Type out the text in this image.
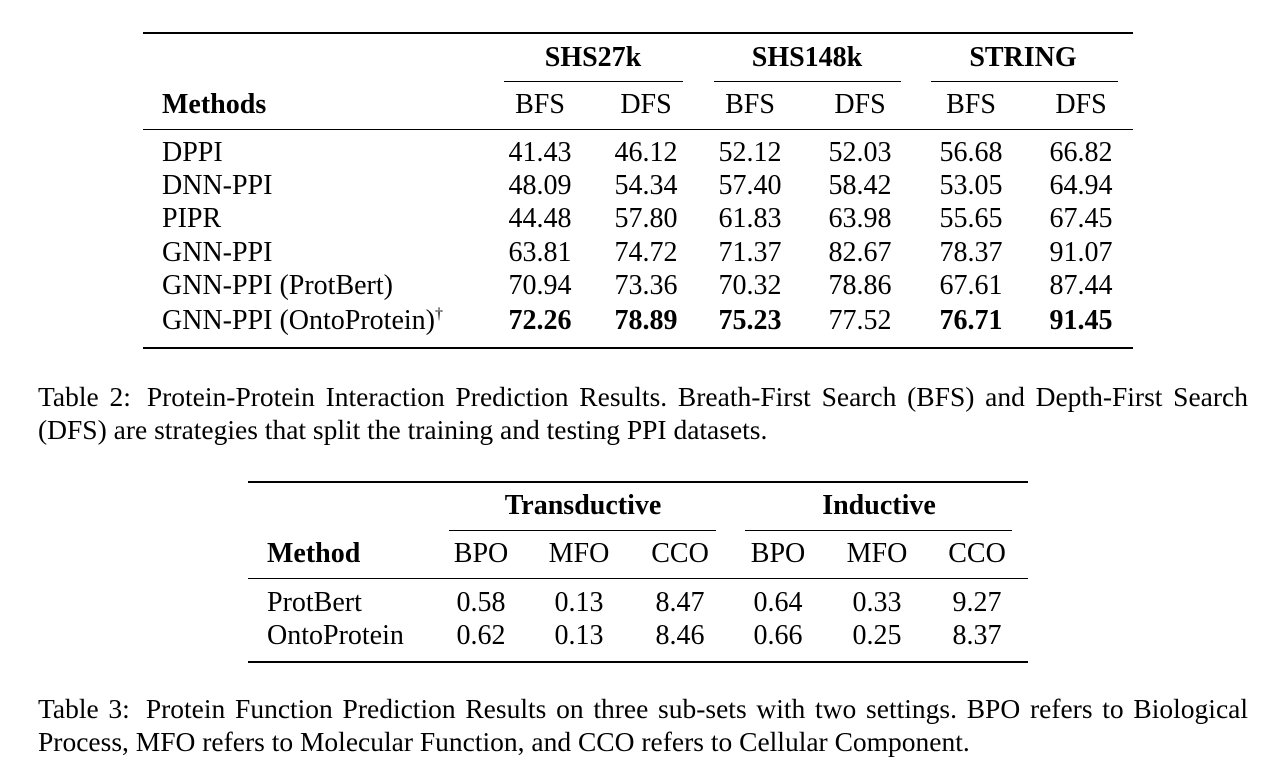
SHS27k	SHS148k	STRING
Methods	BFS DFS BFS DFS BFS DFS
DPPI	41.43 46.12 52.12 52.03 56.68 66.82
DNN-PPI	48.09 54.34 57.40 58.42 53.05 64.94
PIPR	44.48 57.80 61.83 63.98 55.65 67.45
GNN-PPI	63.81 74.72 71.37 82.67 78.37 91.07
GNN-PPI (ProtBert)	70.94 73.36 70.32 78.86 67.61 87.44
GNN-PPI (OntoProtein)† 72.26 78.89 75.23 77.52 76.71 91.45
Table 2: Protein-Protein Interaction Prediction Results. Breath-First Search (BFS) and Depth-First Search (DFS) are strategies that split the training and testing PPI datasets.
Transductive	Inductive
Method	BPO MFO CCO BPO MFO CCO
ProtBert	0.58 0.13 8.47 0.64 0.33 9.27
OntoProtein 0.62 0.13 8.46 0.66 0.25 8.37
Table 3: Protein Function Prediction Results on three sub-sets with two settings. BPO refers to Biological Process, MFO refers to Molecular Function, and CCO refers to Cellular Component.
